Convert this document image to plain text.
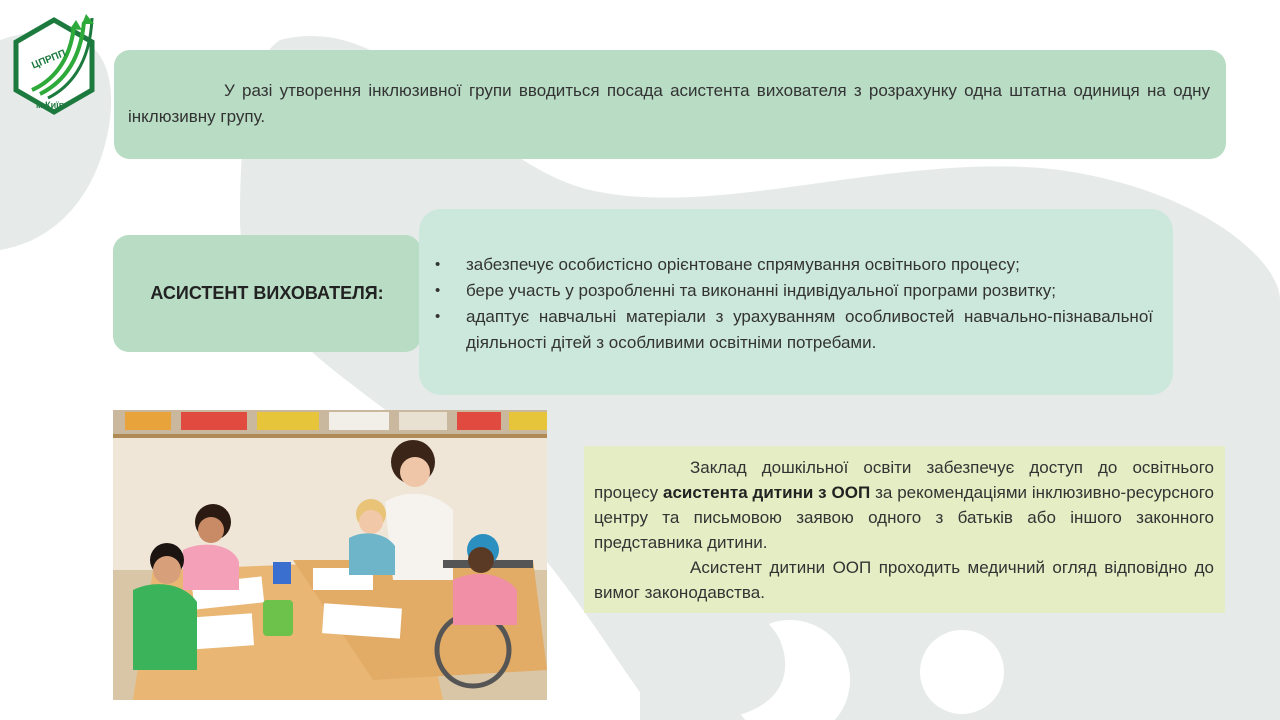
ЦПРПП
м.Київ

У разі утворення інклюзивної групи вводиться посада асистента вихователя з розрахунку одна штатна одиниця на одну інклюзивну групу.

АСИСТЕНТ ВИХОВАТЕЛЯ:
• забезпечує особистісно орієнтоване спрямування освітнього процесу;
• бере участь у розробленні та виконанні індивідуальної програми розвитку;
• адаптує навчальні матеріали з урахуванням особливостей навчально-пізнавальної діяльності дітей з особливими освітніми потребами.

Заклад дошкільної освіти забезпечує доступ до освітнього процесу асистента дитини з ООП за рекомендаціями інклюзивно-ресурсного центру та письмовою заявою одного з батьків або іншого законного представника дитини.

Асистент дитини ООП проходить медичний огляд відповідно до вимог законодавства.
